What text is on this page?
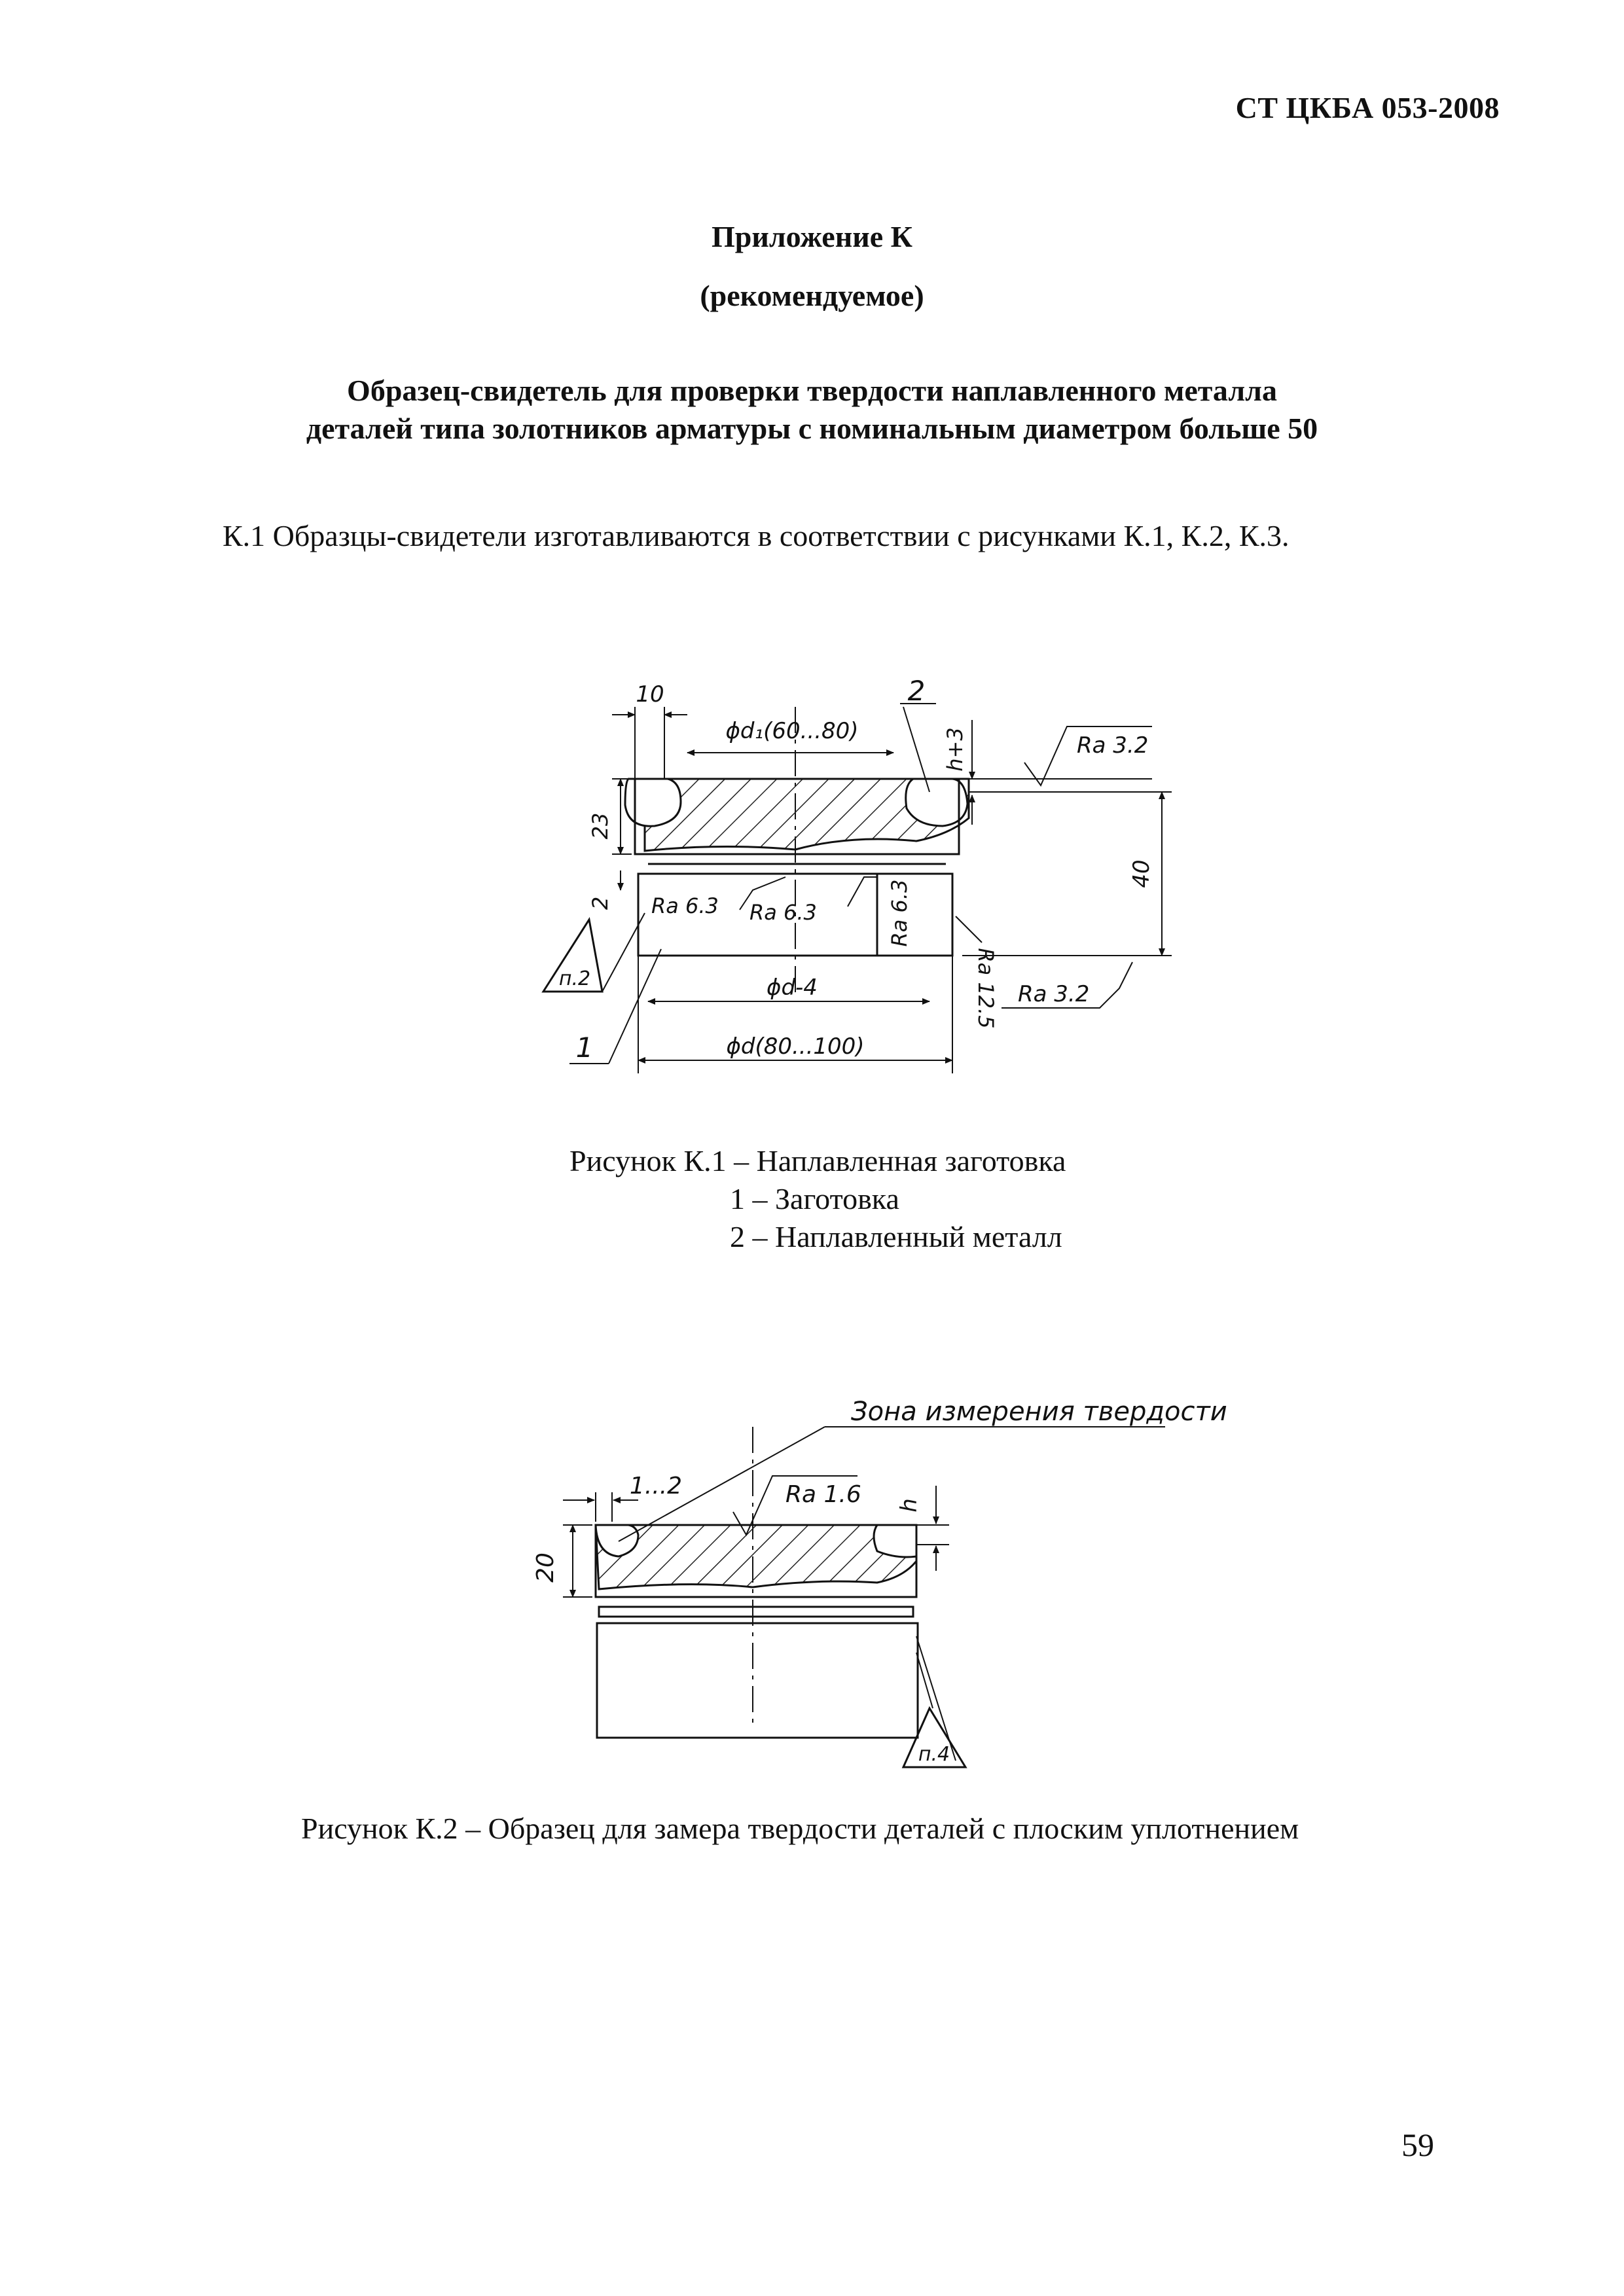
СТ ЦКБА 053-2008
Приложение К
(рекомендуемое)
Образец-свидетель для проверки твердости наплавленного металла
деталей типа золотников арматуры с номинальным диаметром больше 50
К.1 Образцы-свидетели изготавливаются в соответствии с рисунками К.1, К.2, К.3.
10
ϕd₁(60...80)
2
h+3	Ra 3.2
23
40
2 Ra 6.3 Ra 6.3	Ra 6.3
Ra 12.5
п.2	ϕd-4	Ra 3.2
1	ϕd(80...100)
Зона измерения твердости
1...2	Ra 1.6 h
20
п.4
Рисунок К.1 – Наплавленная заготовка
1 – Заготовка
2 – Наплавленный металл
Рисунок К.2 – Образец для замера твердости деталей с плоским уплотнением
59
